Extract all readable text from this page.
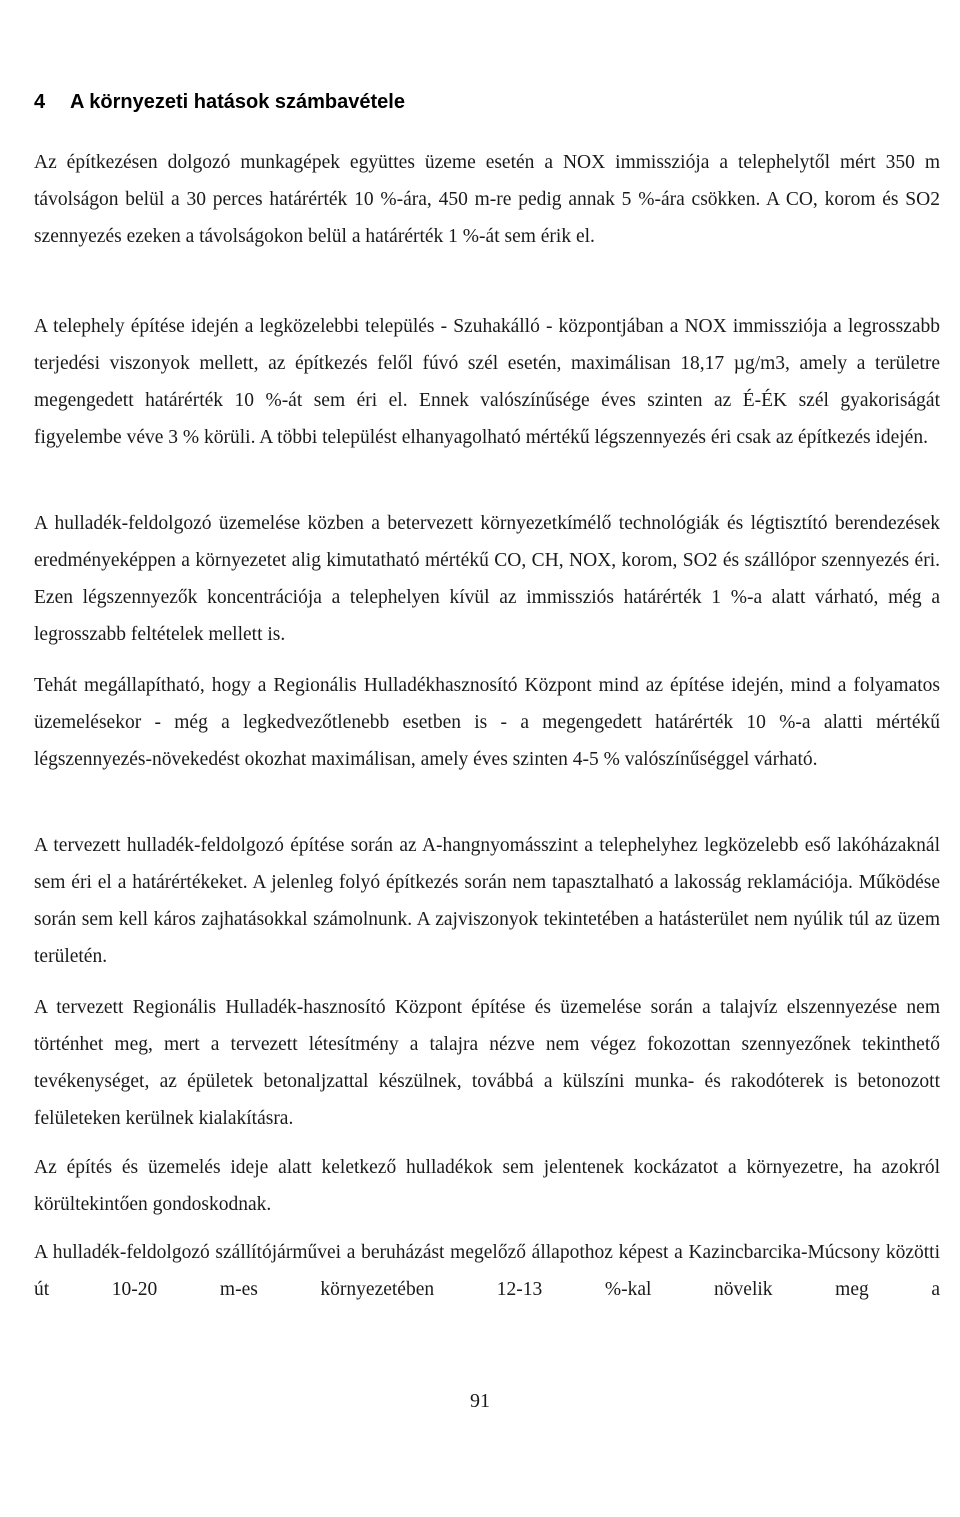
4 A környezeti hatások számbavétele

Az építkezésen dolgozó munkagépek együttes üzeme esetén a NOX immissziója a telephelytől mért 350 m távolságon belül a 30 perces határérték 10 %-ára, 450 m-re pedig annak 5 %-ára csökken. A CO, korom és SO2 szennyezés ezeken a távolságokon belül a határérték 1 %-át sem érik el.

A telephely építése idején a legközelebbi település - Szuhakálló - központjában a NOX immissziója a legrosszabb terjedési viszonyok mellett, az építkezés felől fúvó szél esetén, maximálisan 18,17 µg/m3, amely a területre megengedett határérték 10 %-át sem éri el. Ennek valószínűsége éves szinten az É-ÉK szél gyakoriságát figyelembe véve 3 % körüli. A többi települést elhanyagolható mértékű légszennyezés éri csak az építkezés idején.

A hulladék-feldolgozó üzemelése közben a betervezett környezetkímélő technológiák és légtisztító berendezések eredményeképpen a környezetet alig kimutatható mértékű CO, CH, NOX, korom, SO2 és szállópor szennyezés éri. Ezen légszennyezők koncentrációja a telephelyen kívül az immissziós határérték 1 %-a alatt várható, még a legrosszabb feltételek mellett is.

Tehát megállapítható, hogy a Regionális Hulladékhasznosító Központ mind az építése idején, mind a folyamatos üzemelésekor - még a legkedvezőtlenebb esetben is - a megengedett határérték 10 %-a alatti mértékű légszennyezés-növekedést okozhat maximálisan, amely éves szinten 4-5 % valószínűséggel várható.

A tervezett hulladék-feldolgozó építése során az A-hangnyomásszint a telephelyhez legközelebb eső lakóházaknál sem éri el a határértékeket. A jelenleg folyó építkezés során nem tapasztalható a lakosság reklamációja. Működése során sem kell káros zajhatásokkal számolnunk. A zajviszonyok tekintetében a hatásterület nem nyúlik túl az üzem területén.

A tervezett Regionális Hulladék-hasznosító Központ építése és üzemelése során a talajvíz elszennyezése nem történhet meg, mert a tervezett létesítmény a talajra nézve nem végez fokozottan szennyezőnek tekinthető tevékenységet, az épületek betonaljzattal készülnek, továbbá a külszíni munka- és rakodóterek is betonozott felületeken kerülnek kialakításra.

Az építés és üzemelés ideje alatt keletkező hulladékok sem jelentenek kockázatot a környezetre, ha azokról körültekintően gondoskodnak.

A hulladék-feldolgozó szállítójárművei a beruházást megelőző állapothoz képest a Kazincbarcika-Múcsony közötti út 10-20 m-es környezetében 12-13 %-kal növelik meg a

91
